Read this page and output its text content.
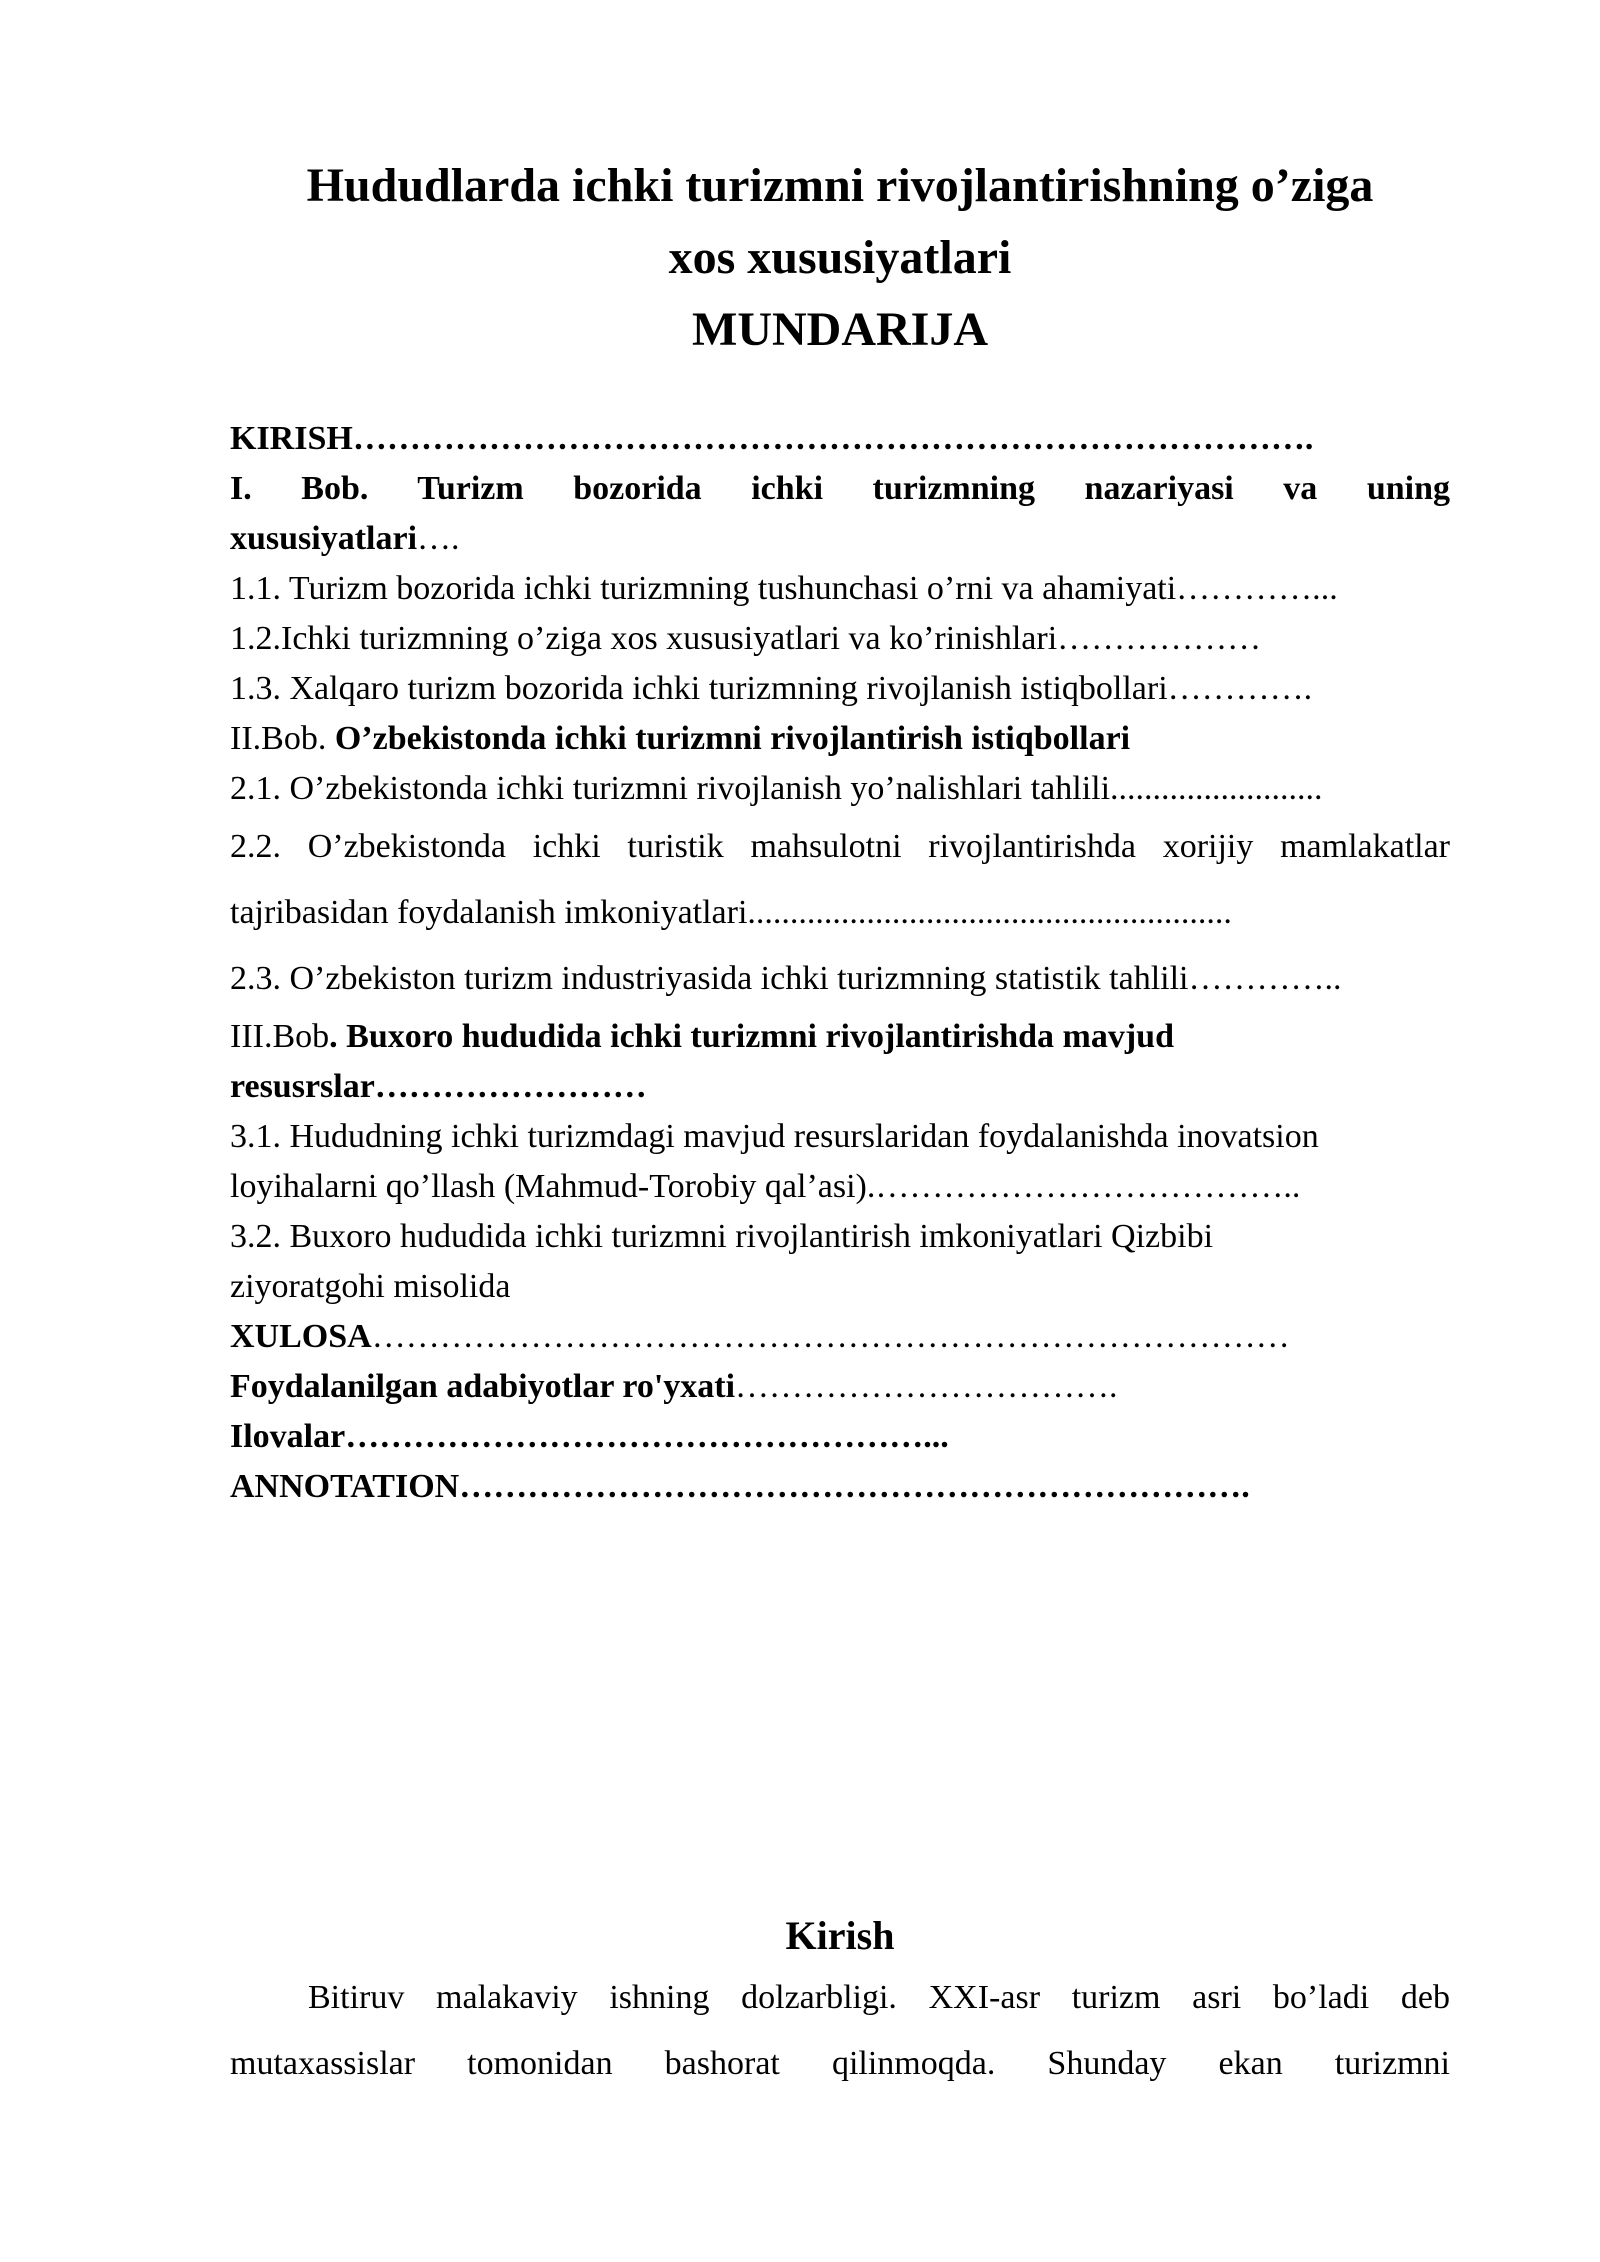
Hududlarda ichki turizmni rivojlantirishning o’ziga
xos xususiyatlari
MUNDARIJA
KIRISH………………………………………………………………………….
I. Bob. Turizm bozorida ichki turizmning nazariyasi va uning
xususiyatlari….
1.1. Turizm bozorida ichki turizmning tushunchasi o’rni va ahamiyati…………...
1.2.Ichki turizmning o’ziga xos xususiyatlari va ko’rinishlari………………
1.3. Xalqaro turizm bozorida ichki turizmning rivojlanish istiqbollari………….
II.Bob. O’zbekistonda ichki turizmni rivojlantirish istiqbollari
2.1. O’zbekistonda ichki turizmni rivojlanish yo’nalishlari tahlili.........................
2.2. O’zbekistonda ichki turistik mahsulotni rivojlantirishda xorijiy mamlakatlar
tajribasidan foydalanish imkoniyatlari.........................................................
2.3. O’zbekiston turizm industriyasida ichki turizmning statistik tahlili…………..
III.Bob. Buxoro hududida ichki turizmni rivojlantirishda mavjud
resusrslar……………………
3.1. Hududning ichki turizmdagi mavjud resurslaridan foydalanishda inovatsion
loyihalarni qo’llash (Mahmud-Torobiy qal’asi).………………………………..
3.2. Buxoro hududida ichki turizmni rivojlantirish imkoniyatlari Qizbibi
ziyoratgohi misolida
XULOSA………………………………………………………………………
Foydalanilgan adabiyotlar ro'yxati…………………………….
Ilovalar……………………………………………...
ANNOTATION…………………………………………………………….
Kirish
Bitiruv malakaviy ishning dolzarbligi. XXI-asr turizm asri bo’ladi deb
mutaxassislar tomonidan bashorat qilinmoqda. Shunday ekan turizmni
